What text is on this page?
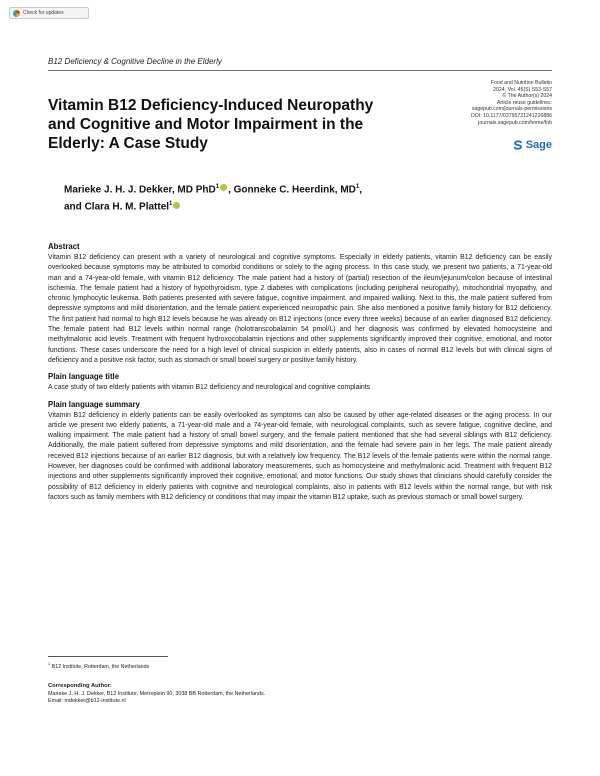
Check for updates
B12 Deficiency & Cognitive Decline in the Elderly
Food and Nutrition Bulletin
2024, Vol. 45(S) S53-S57
© The Author(s) 2024
Article reuse guidelines:
sagepub.com/journals-permissions
DOI: 10.1177/03795721241226886
journals.sagepub.com/home/fnb
Sage
Vitamin B12 Deficiency-Induced Neuropathy and Cognitive and Motor Impairment in the Elderly: A Case Study
Marieke J. H. J. Dekker, MD PhD$^1$ , Gonneke C. Heerdink, $MD^1$,
and Clara H. M. Plattel$^1$
Abstract

Vitamin B12 deficiency can present with a variety of neurological and cognitive symptoms. Especially in elderly patients, vitamin B12 deficiency can be easily overlooked because symptoms may be attributed to comorbid conditions or solely to the aging process. In this case study, we present two patients, a 71-year-old man and a 74-year-old female, with vitamin B12 deficiency. The male patient had a history of (partial) resection of the ileum/jejunum/colon because of intestinal ischemia. The female patient had a history of hypothyroidism, type 2 diabetes with complications (including peripheral neuropathy), mitochondrial myopathy, and chronic lymphocytic leukemia. Both patients presented with severe fatigue, cognitive impairment, and impaired walking. Next to this, the male patient suffered from depressive symptoms and mild disorientation, and the female patient experienced neuropathic pain. She also mentioned a positive family history for B12 deficiency. The first patient had normal to high B12 levels because he was already on B12 injections (once every three weeks) because of an earlier diagnosed B12 deficiency. The female patient had B12 levels within normal range (holotranscobalamin 54 pmol/L) and her diagnosis was confirmed by elevated homocysteine and methylmalonic acid levels. Treatment with frequent hydroxocobalamin injections and other supplements significantly improved their cognitive, emotional, and motor functions. These cases underscore the need for a high level of clinical suspicion in elderly patients, also in cases of normal B12 levels but with clinical signs of deficiency and a positive risk factor, such as stomach or small bowel surgery or positive family history.

Plain language title

A case study of two elderly patients with vitamin B12 deficiency and neurological and cognitive complaints

Plain language summary

Vitamin B12 deficiency in elderly patients can be easily overlooked as symptoms can also be caused by other age-related diseases or the aging process. In our article we present two elderly patients, a 71-year-old male and a 74-year-old female, with neurological complaints, such as severe fatigue, cognitive decline, and walking impairment. The male patient had a history of small bowel surgery, and the female patient mentioned that she had several siblings with B12 deficiency. Additionally, the male patient suffered from depressive symptoms and mild disorientation, and the female had severe pain in her legs. The male patient already received B12 injections because of an earlier B12 diagnosis, but with a relatively low frequency. The B12 levels of the female patients were within the normal range. However, her diagnoses could be confirmed with additional laboratory measurements, such as homocysteine and methylmalonic acid. Treatment with frequent B12 injections and other supplements significantly improved their cognitive, emotional, and motor functions. Our study shows that clinicians should carefully consider the possibility of B12 deficiency in elderly patients with cognitive and neurological complaints, also in patients with B12 levels within the normal range, but with risk factors such as family members with B12 deficiency or conditions that may impair the vitamin B12 uptake, such as previous stomach or small bowel surgery.

$^1$ B12 Institute, Rotterdam, the Netherlands
Corresponding Author:
Marieke J. H. J. Dekker, B12 Institute, Metroplein 90, 3038 BB Rotterdam, the Netherlands.
Email: mdekker@b12-institute.nl
